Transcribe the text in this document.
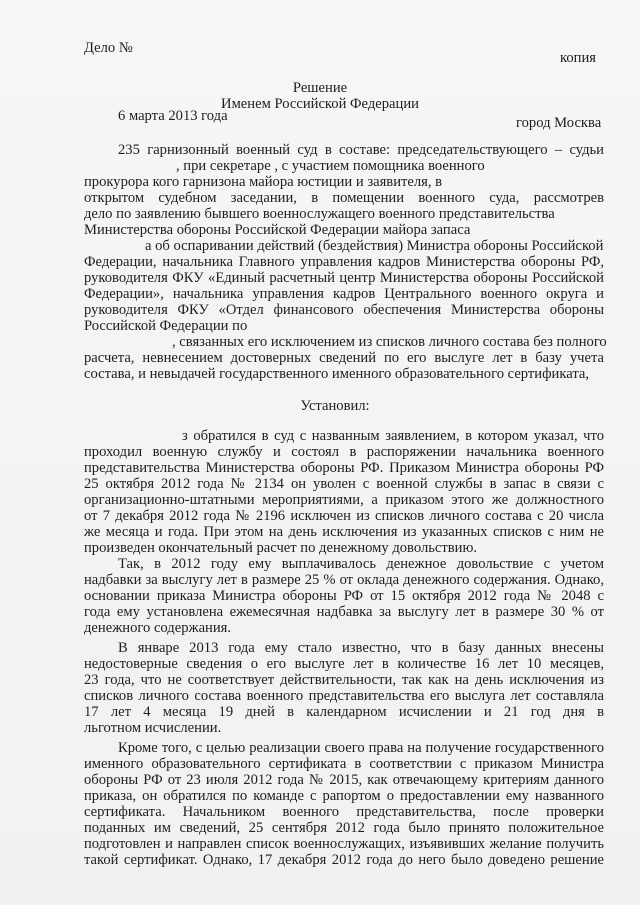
Дело №
копия
Решение
Именем Российской Федерации
6 марта 2013 года	город Москва
235 гарнизонный военный суд в составе: председательствующего – судьи
, при секретаре , с участием помощника военного
прокурора кого гарнизона майора юстиции и заявителя, в
открытом судебном заседании, в помещении военного суда, рассмотрев
дело по заявлению бывшего военнослужащего военного представительства
Министерства обороны Российской Федерации майора запаса
а об оспаривании действий (бездействия) Министра обороны Российской
Федерации, начальника Главного управления кадров Министерства обороны РФ,
руководителя ФКУ «Единый расчетный центр Министерства обороны Российской
Федерации», начальника управления кадров Центрального военного округа и
руководителя ФКУ «Отдел финансового обеспечения Министерства обороны
Российской Федерации по
, связанных его исключением из списков личного состава без полного
расчета, невнесением достоверных сведений по его выслуге лет в базу учета
состава, и невыдачей государственного именного образовательного сертификата,
Установил:
з обратился в суд с названным заявлением, в котором указал, что
проходил военную службу и состоял в распоряжении начальника военного
представительства Министерства обороны РФ. Приказом Министра обороны РФ
25 октября 2012 года № 2134 он уволен с военной службы в запас в связи с
организационно-штатными мероприятиями, а приказом этого же должностного
от 7 декабря 2012 года № 2196 исключен из списков личного состава с 20 числа
же месяца и года. При этом на день исключения из указанных списков с ним не
произведен окончательный расчет по денежному довольствию.
Так, в 2012 году ему выплачивалось денежное довольствие с учетом
надбавки за выслугу лет в размере 25 % от оклада денежного содержания. Однако,
основании приказа Министра обороны РФ от 15 октября 2012 года № 2048 с
года ему установлена ежемесячная надбавка за выслугу лет в размере 30 % от
денежного содержания.
В январе 2013 года ему стало известно, что в базу данных внесены
недостоверные сведения о его выслуге лет в количестве 16 лет 10 месяцев,
23 года, что не соответствует действительности, так как на день исключения из
списков личного состава военного представительства его выслуга лет составляла
17 лет 4 месяца 19 дней в календарном исчислении и 21 год дня в
льготном исчислении.
Кроме того, с целью реализации своего права на получение государственного
именного образовательного сертификата в соответствии с приказом Министра
обороны РФ от 23 июля 2012 года № 2015, как отвечающему критериям данного
приказа, он обратился по команде с рапортом о предоставлении ему названного
сертификата. Начальником военного представительства, после проверки
поданных им сведений, 25 сентября 2012 года было принято положительное
подготовлен и направлен список военнослужащих, изъявивших желание получить
такой сертификат. Однако, 17 декабря 2012 года до него было доведено решение
